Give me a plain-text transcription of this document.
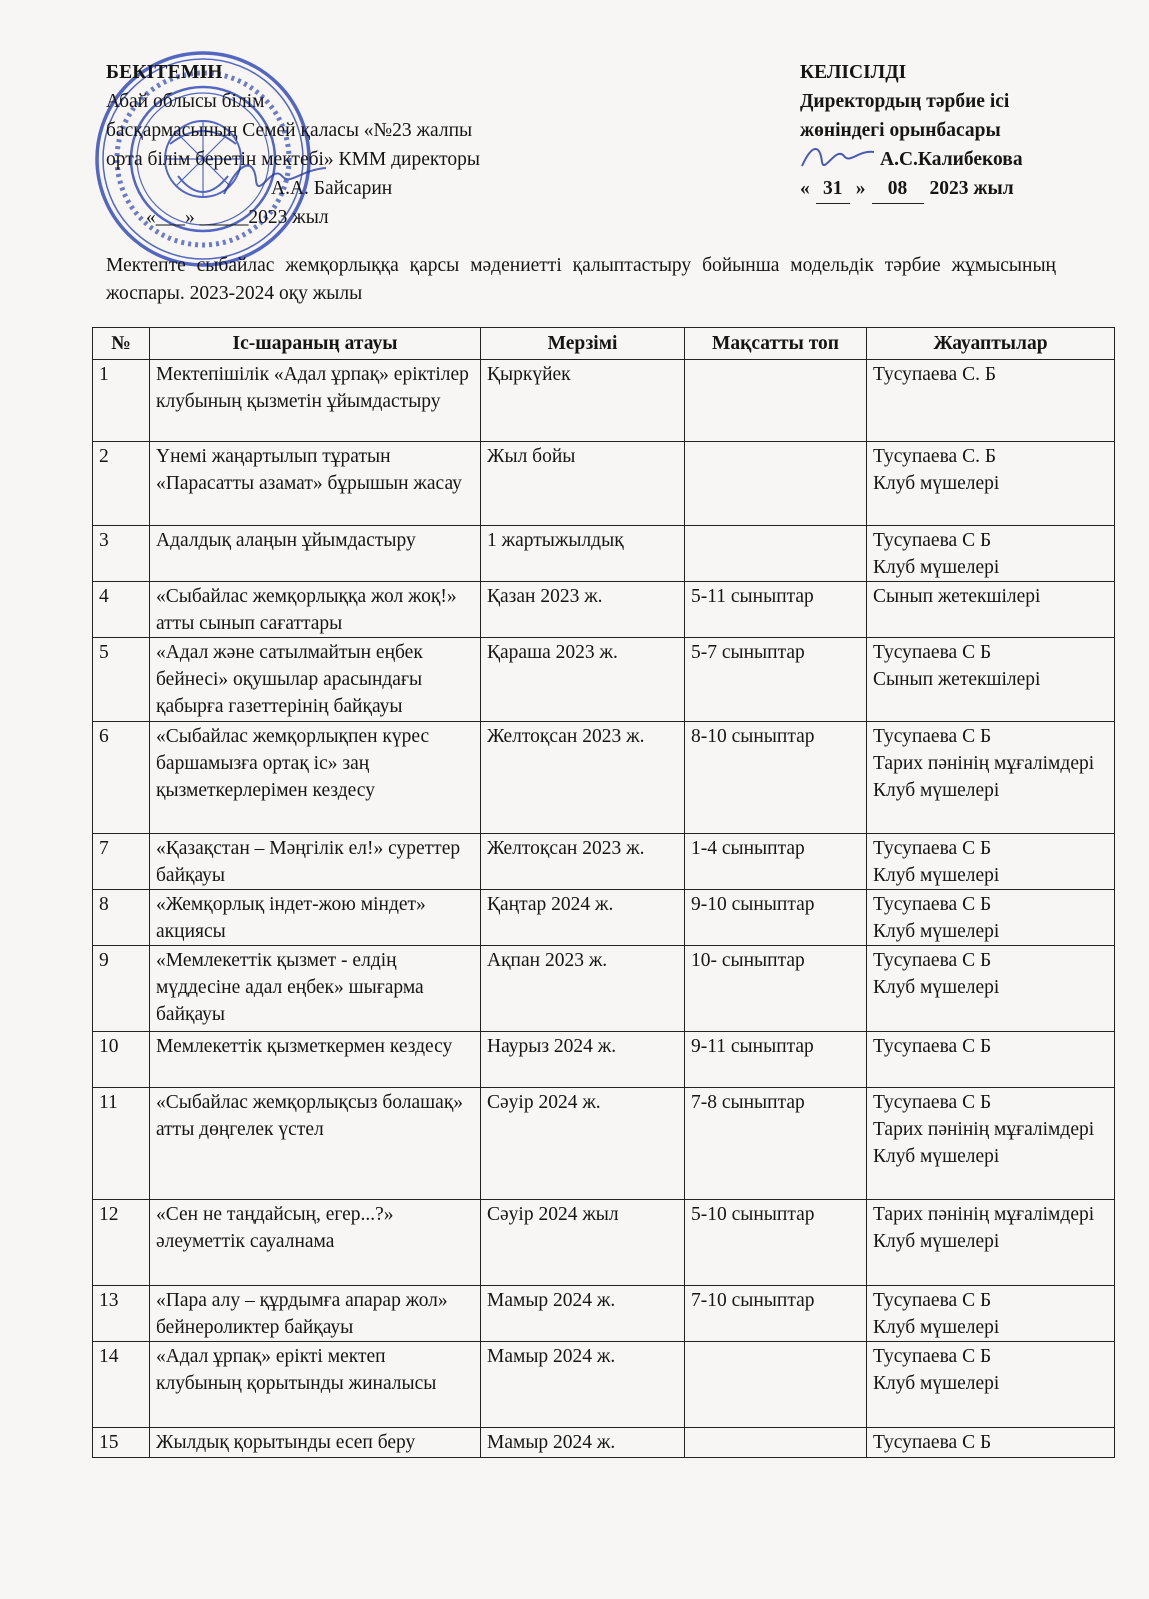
БЕКІТЕМІН
Абай облысы білім
басқармасының Семей қаласы «№23 жалпы
орта білім беретін мектебі» КММ директоры
А.А. Байсарин
«___» _____2023 жыл
КЕЛІСІЛДІ
Директордың тәрбие ісі
жөніндегі орынбасары
А.С.Калибекова
« 31 »	08	2023 жыл
Мектепте сыбайлас жемқорлыққа қарсы мәдениетті қалыптастыру бойынша модельдік тәрбие жұмысының жоспары. 2023-2024 оқу жылы
№	Іс-шараның атауы	Мерзімі	Мақсатты топ	Жауаптылар
1	Мектепішілік «Адал ұрпақ» еріктілер клубының қызметін ұйымдастыру	Қыркүйек		Тусупаева С. Б

2	Үнемі жаңартылып тұратын «Парасатты азамат» бұрышын жасау	Жыл бойы		Тусупаева С. Б
Клуб мүшелері

3	Адалдық алаңын ұйымдастыру	1 жартыжылдық		Тусупаева С Б
Клуб мүшелері

4	«Сыбайлас жемқорлыққа жол жоқ!» атты сынып сағаттары	Қазан 2023 ж.	5-11 сыныптар	Сынып жетекшілері

5	«Адал және сатылмайтын еңбек бейнесі» оқушылар арасындағы қабырға газеттерінің байқауы	Қараша 2023 ж.	5-7 сыныптар	Тусупаева С Б
Сынып жетекшілері

6	«Сыбайлас жемқорлықпен күрес баршамызға ортақ іс» заң қызметкерлерімен кездесу	Желтоқсан 2023 ж.	8-10 сыныптар	Тусупаева С Б
Тарих пәнінің мұғалімдері
Клуб мүшелері

7	«Қазақстан – Мәңгілік ел!» суреттер байқауы	Желтоқсан 2023 ж.	1-4 сыныптар	Тусупаева С Б
Клуб мүшелері

8	«Жемқорлық індет-жою міндет» акциясы	Қаңтар 2024 ж.	9-10 сыныптар	Тусупаева С Б
Клуб мүшелері

9	«Мемлекеттік қызмет - елдің мүддесіне адал еңбек» шығарма байқауы	Ақпан 2023 ж.	10- сыныптар	Тусупаева С Б
Клуб мүшелері

10	Мемлекеттік қызметкермен кездесу	Наурыз 2024 ж.	9-11 сыныптар	Тусупаева С Б

11	«Сыбайлас жемқорлықсыз болашақ» атты дөңгелек үстел	Сәуір 2024 ж.	7-8 сыныптар	Тусупаева С Б
Тарих пәнінің мұғалімдері
Клуб мүшелері

12	«Сен не таңдайсың, егер...?» әлеуметтік сауалнама	Сәуір 2024 жыл	5-10 сыныптар	Тарих пәнінің мұғалімдері
Клуб мүшелері

13	«Пара алу – құрдымға апарар жол» бейнероликтер байқауы	Мамыр 2024 ж.	7-10 сыныптар	Тусупаева С Б
Клуб мүшелері

14	«Адал ұрпақ» ерікті мектеп клубының қорытынды жиналысы	Мамыр 2024 ж.		Тусупаева С Б
Клуб мүшелері

15	Жылдық қорытынды есеп беру	Мамыр 2024 ж.		Тусупаева С Б
